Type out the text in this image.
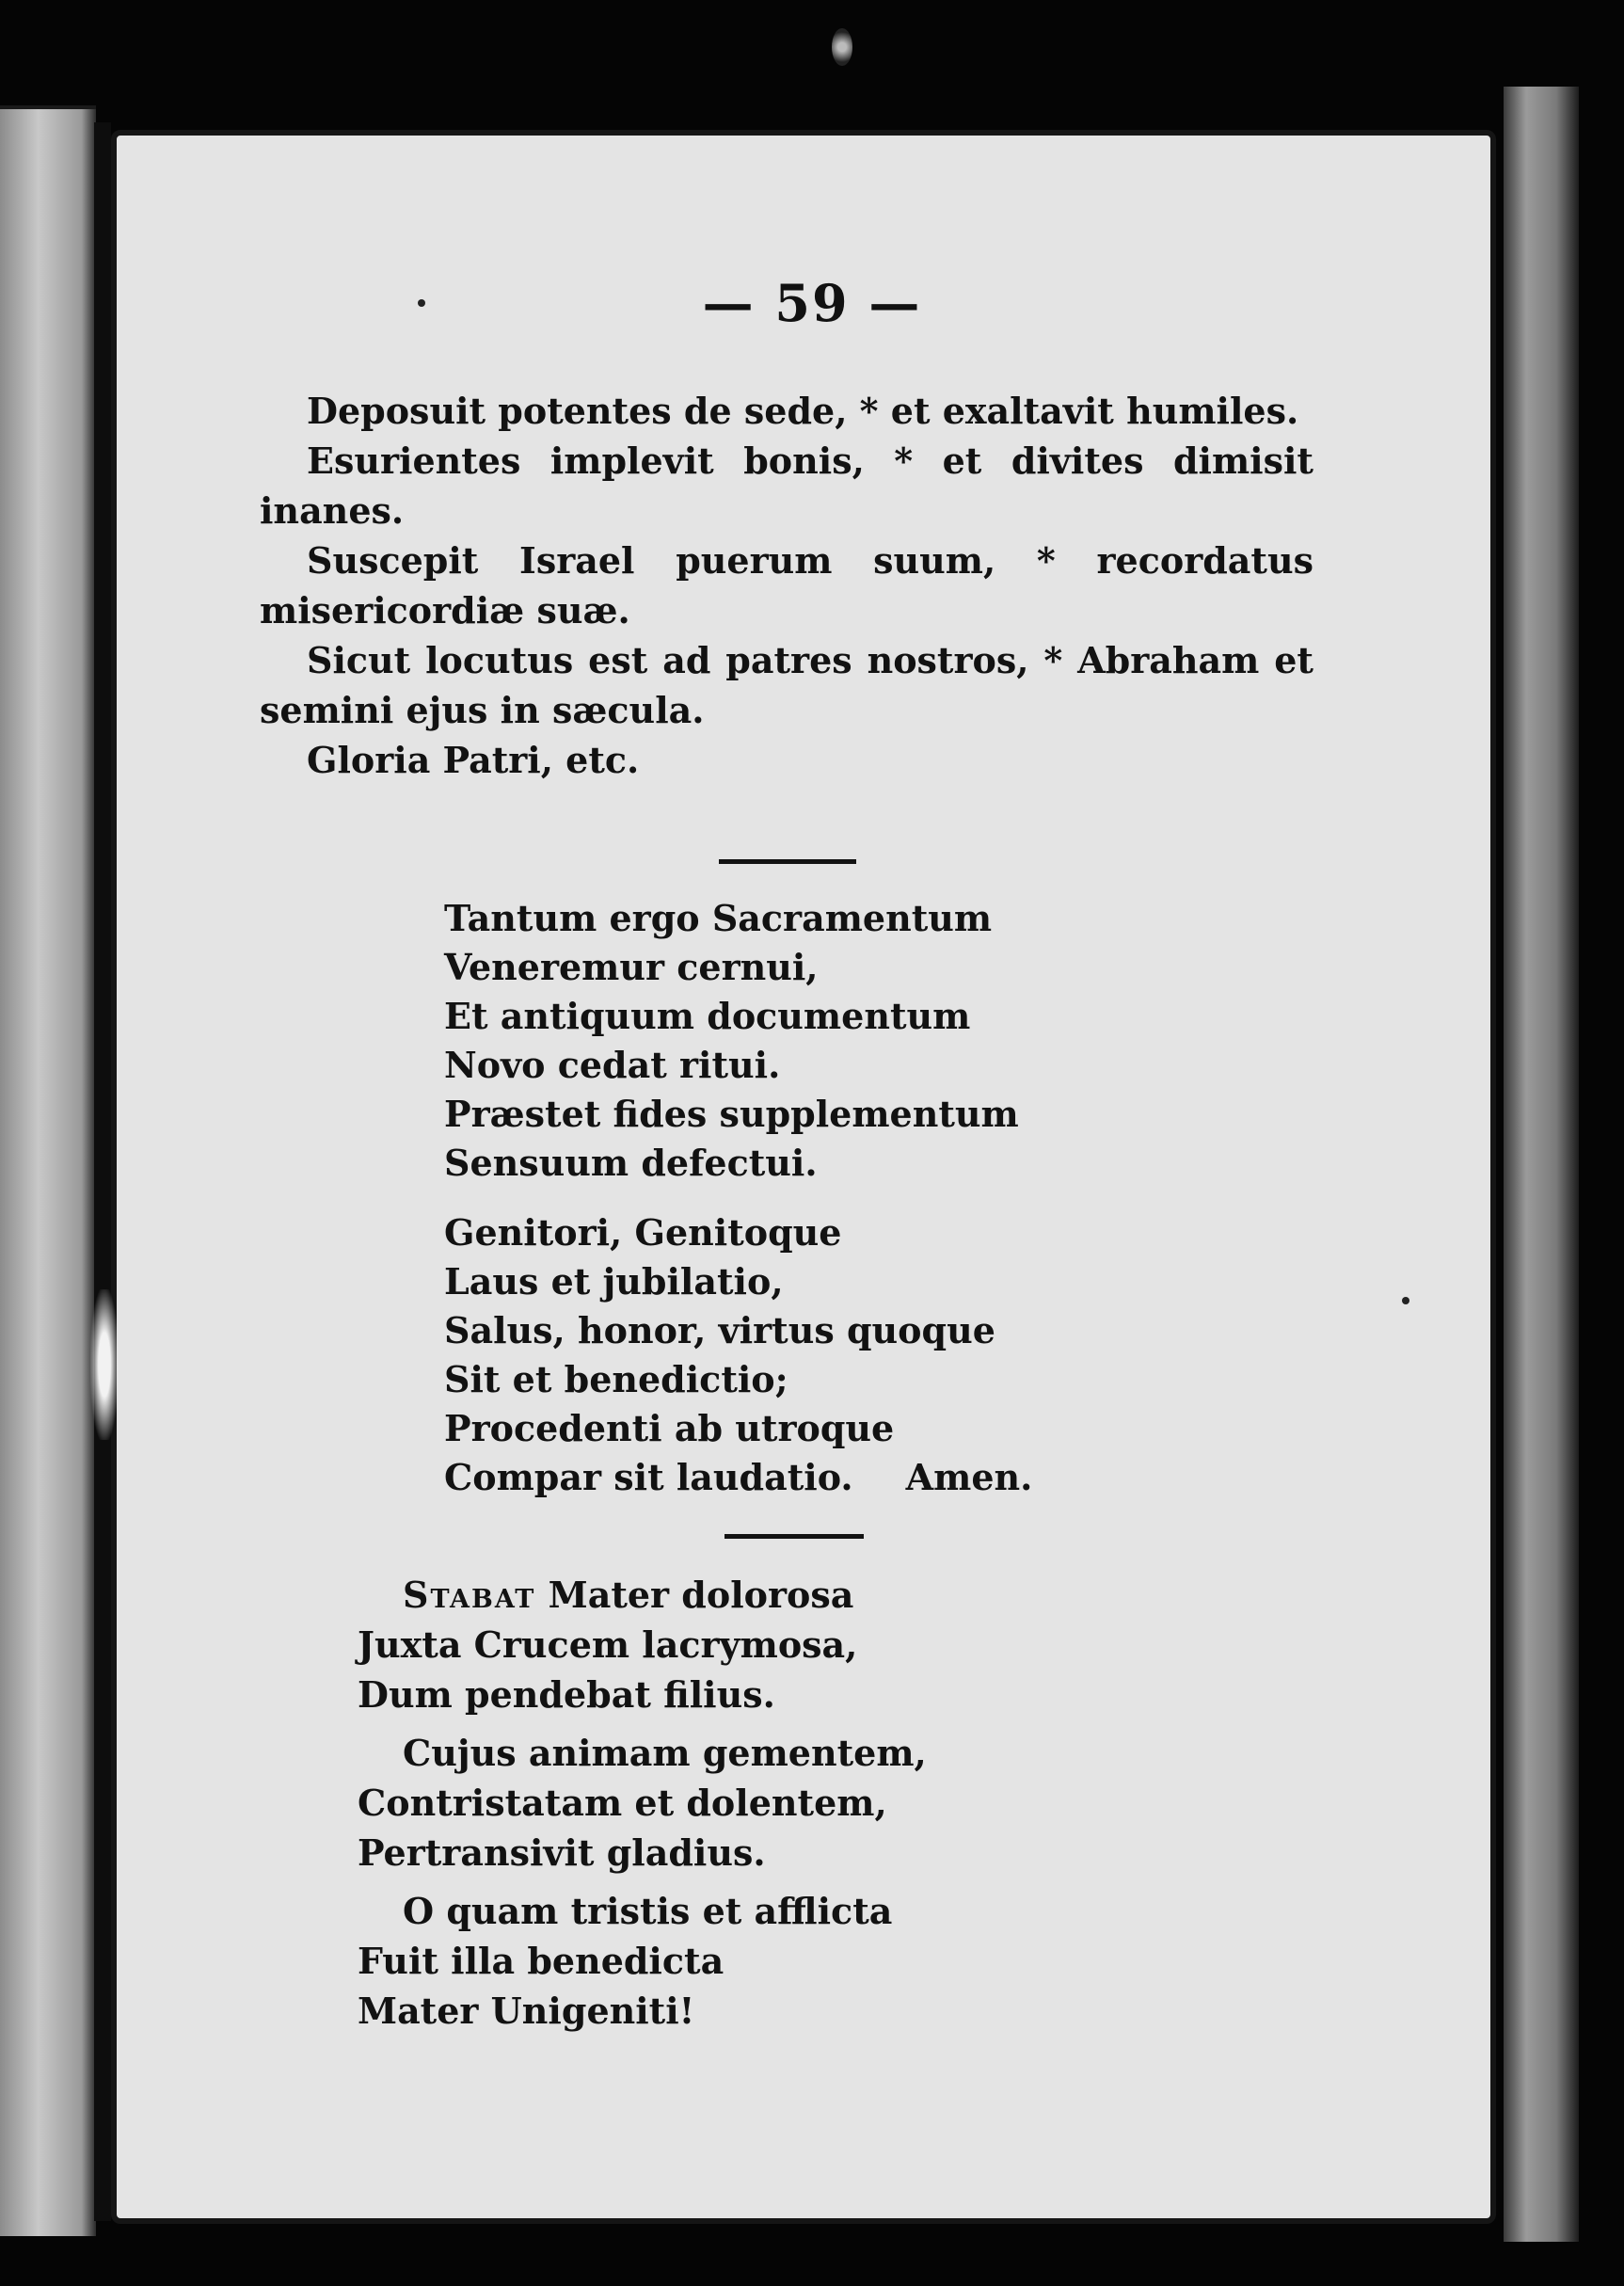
— 59 —

Deposuit potentes de sede, * et exaltavit humiles.

Esurientes implevit bonis, * et divites dimisit inanes.

Suscepit Israel puerum suum, * recordatus misericordiæ suæ.

Sicut locutus est ad patres nostros, * Abraham et semini ejus in sæcula.

Gloria Patri, etc.

Tantum ergo Sacramentum
Veneremur cernui,
Et antiquum documentum
Novo cedat ritui.
Præstet fides supplementum
Sensuum defectui.
Genitori, Genitoque
Laus et jubilatio,
Salus, honor, virtus quoque
Sit et benedictio;
Procedenti ab utroque
Compar sit laudatio. Amen.
Stabat Mater dolorosa
Juxta Crucem lacrymosa,
Dum pendebat filius.
Cujus animam gementem,
Contristatam et dolentem,
Pertransivit gladius.
O quam tristis et afflicta
Fuit illa benedicta
Mater Unigeniti!
